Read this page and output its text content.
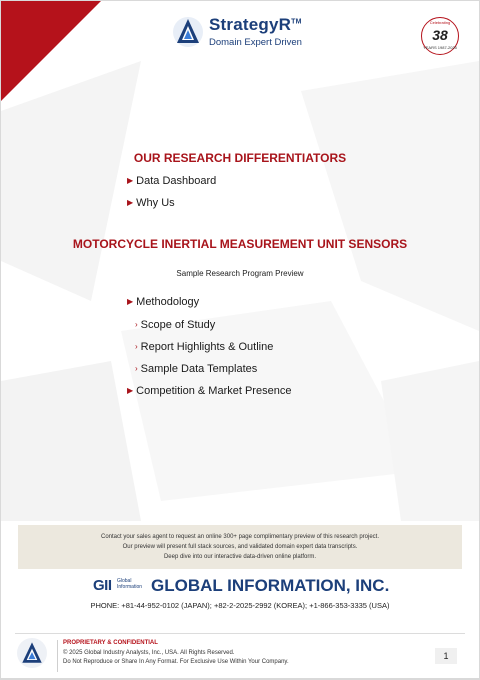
StrategyR™
Domain Expert Driven
Celebrating
38
YEARS 1987-2025
OUR RESEARCH DIFFERENTIATORS
▶ Data Dashboard
▶ Why Us
MOTORCYCLE INERTIAL MEASUREMENT UNIT SENSORS
Sample Research Program Preview
▶ Methodology
› Scope of Study
› Report Highlights & Outline
› Sample Data Templates
▶ Competition & Market Presence
Contact your sales agent to request an online 300+ page complimentary preview of this research project.
Our preview will present full stack sources, and validated domain expert data transcripts.
Deep dive into our interactive data-driven online platform.
GII Global Information GLOBAL INFORMATION, INC.
PHONE: +81-44-952-0102 (JAPAN); +82-2-2025-2992 (KOREA); +1-866-353-3335 (USA)
PROPRIETARY & CONFIDENTIAL
© 2025 Global Industry Analysts, Inc., USA. All Rights Reserved.
Do Not Reproduce or Share In Any Format. For Exclusive Use Within Your Company.
1
